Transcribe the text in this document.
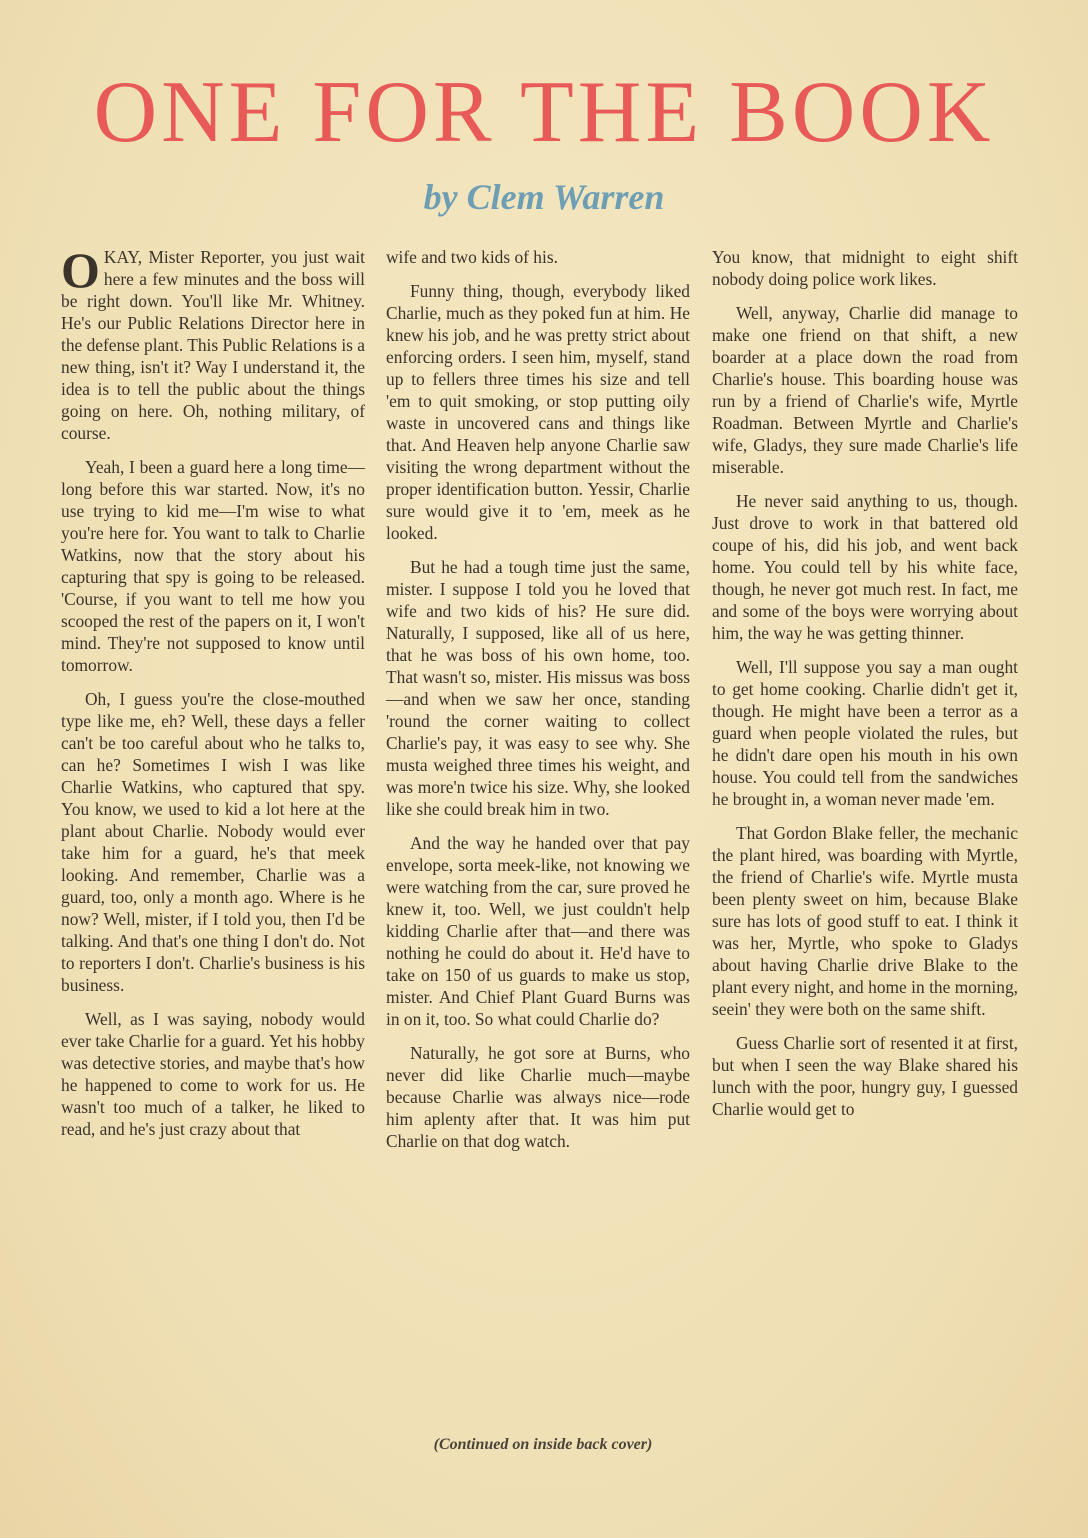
ONE FOR THE BOOK
by Clem Warren

OKAY, Mister Reporter, you just wait here a few minutes and the boss will be right down. You'll like Mr. Whitney. He's our Public Relations Director here in the defense plant. This Public Relations is a new thing, isn't it? Way I understand it, the idea is to tell the public about the things going on here. Oh, nothing military, of course.

Yeah, I been a guard here a long time—long before this war started. Now, it's no use trying to kid me—I'm wise to what you're here for. You want to talk to Charlie Watkins, now that the story about his capturing that spy is going to be released. 'Course, if you want to tell me how you scooped the rest of the papers on it, I won't mind. They're not supposed to know until tomorrow.

Oh, I guess you're the close-mouthed type like me, eh? Well, these days a feller can't be too careful about who he talks to, can he? Sometimes I wish I was like Charlie Watkins, who captured that spy. You know, we used to kid a lot here at the plant about Charlie. Nobody would ever take him for a guard, he's that meek looking. And remember, Charlie was a guard, too, only a month ago. Where is he now? Well, mister, if I told you, then I'd be talking. And that's one thing I don't do. Not to reporters I don't. Charlie's business is his business.

Well, as I was saying, nobody would ever take Charlie for a guard. Yet his hobby was detective stories, and maybe that's how he happened to come to work for us. He wasn't too much of a talker, he liked to read, and he's just crazy about that

wife and two kids of his.

Funny thing, though, everybody liked Charlie, much as they poked fun at him. He knew his job, and he was pretty strict about enforcing orders. I seen him, myself, stand up to fellers three times his size and tell 'em to quit smoking, or stop putting oily waste in uncovered cans and things like that. And Heaven help anyone Charlie saw visiting the wrong department without the proper identification button. Yessir, Charlie sure would give it to 'em, meek as he looked.

But he had a tough time just the same, mister. I suppose I told you he loved that wife and two kids of his? He sure did. Naturally, I supposed, like all of us here, that he was boss of his own home, too. That wasn't so, mister. His missus was boss—and when we saw her once, standing 'round the corner waiting to collect Charlie's pay, it was easy to see why. She musta weighed three times his weight, and was more'n twice his size. Why, she looked like she could break him in two.

And the way he handed over that pay envelope, sorta meek-like, not knowing we were watching from the car, sure proved he knew it, too. Well, we just couldn't help kidding Charlie after that—and there was nothing he could do about it. He'd have to take on 150 of us guards to make us stop, mister. And Chief Plant Guard Burns was in on it, too. So what could Charlie do?

Naturally, he got sore at Burns, who never did like Charlie much—maybe because Charlie was always nice—rode him aplenty after that. It was him put Charlie on that dog watch.

You know, that midnight to eight shift nobody doing police work likes.

Well, anyway, Charlie did manage to make one friend on that shift, a new boarder at a place down the road from Charlie's house. This boarding house was run by a friend of Charlie's wife, Myrtle Roadman. Between Myrtle and Charlie's wife, Gladys, they sure made Charlie's life miserable.

He never said anything to us, though. Just drove to work in that battered old coupe of his, did his job, and went back home. You could tell by his white face, though, he never got much rest. In fact, me and some of the boys were worrying about him, the way he was getting thinner.

Well, I'll suppose you say a man ought to get home cooking. Charlie didn't get it, though. He might have been a terror as a guard when people violated the rules, but he didn't dare open his mouth in his own house. You could tell from the sandwiches he brought in, a woman never made 'em.

That Gordon Blake feller, the mechanic the plant hired, was boarding with Myrtle, the friend of Charlie's wife. Myrtle musta been plenty sweet on him, because Blake sure has lots of good stuff to eat. I think it was her, Myrtle, who spoke to Gladys about having Charlie drive Blake to the plant every night, and home in the morning, seein' they were both on the same shift.

Guess Charlie sort of resented it at first, but when I seen the way Blake shared his lunch with the poor, hungry guy, I guessed Charlie would get to

(Continued on inside back cover)
